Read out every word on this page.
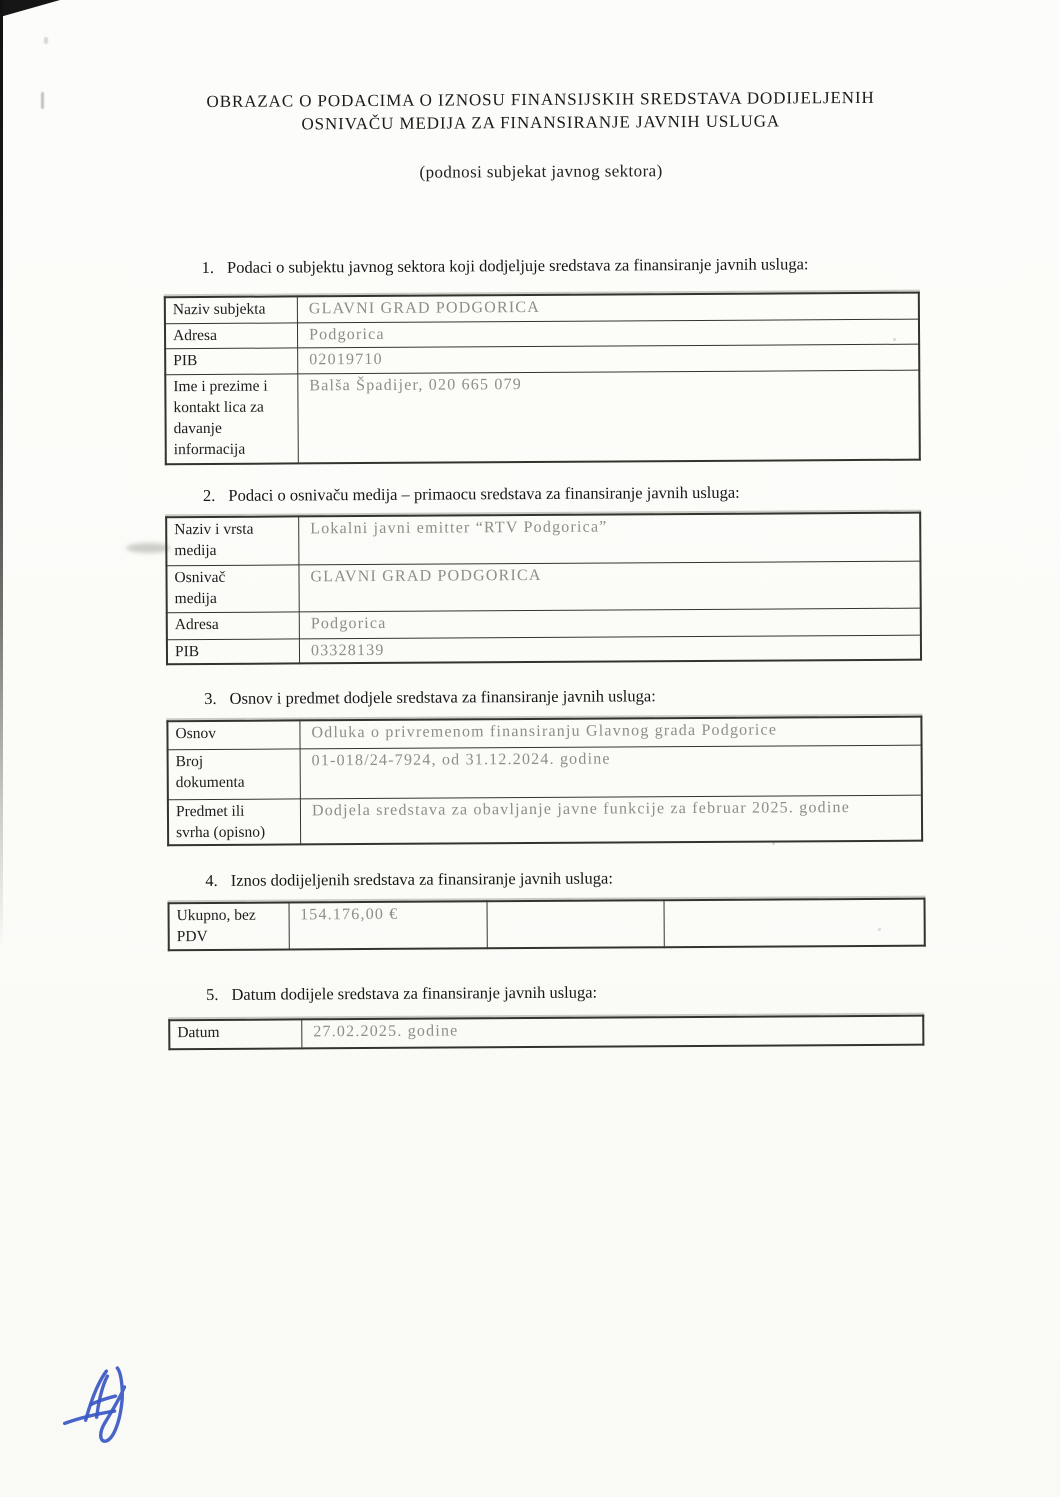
OBRAZAC O PODACIMA O IZNOSU FINANSIJSKIH SREDSTAVA DODIJELJENIH
OSNIVAČU MEDIJA ZA FINANSIRANJE JAVNIH USLUGA
(podnosi subjekat javnog sektora)
1. Podaci o subjektu javnog sektora koji dodjeljuje sredstava za finansiranje javnih usluga:
Naziv subjekta	GLAVNI GRAD PODGORICA
Adresa	Podgorica
PIB	02019710
Ime i prezime i
kontakt lica za
davanje
informacija	Balša Špadijer, 020 665 079
2. Podaci o osnivaču medija – primaocu sredstava za finansiranje javnih usluga:
Naziv i vrsta
medija	Lokalni javni emitter “RTV Podgorica”
Osnivač
medija	GLAVNI GRAD PODGORICA
Adresa	Podgorica
PIB	03328139
3. Osnov i predmet dodjele sredstava za finansiranje javnih usluga:
Osnov	Odluka o privremenom finansiranju Glavnog grada Podgorice
Broj
dokumenta	01-018/24-7924, od 31.12.2024. godine
Predmet ili
svrha (opisno)	Dodjela sredstava za obavljanje javne funkcije za februar 2025. godine
4. Iznos dodijeljenih sredstava za finansiranje javnih usluga:
Ukupno, bez
PDV	154.176,00 €		
5. Datum dodijele sredstava za finansiranje javnih usluga:
Datum	27.02.2025. godine
